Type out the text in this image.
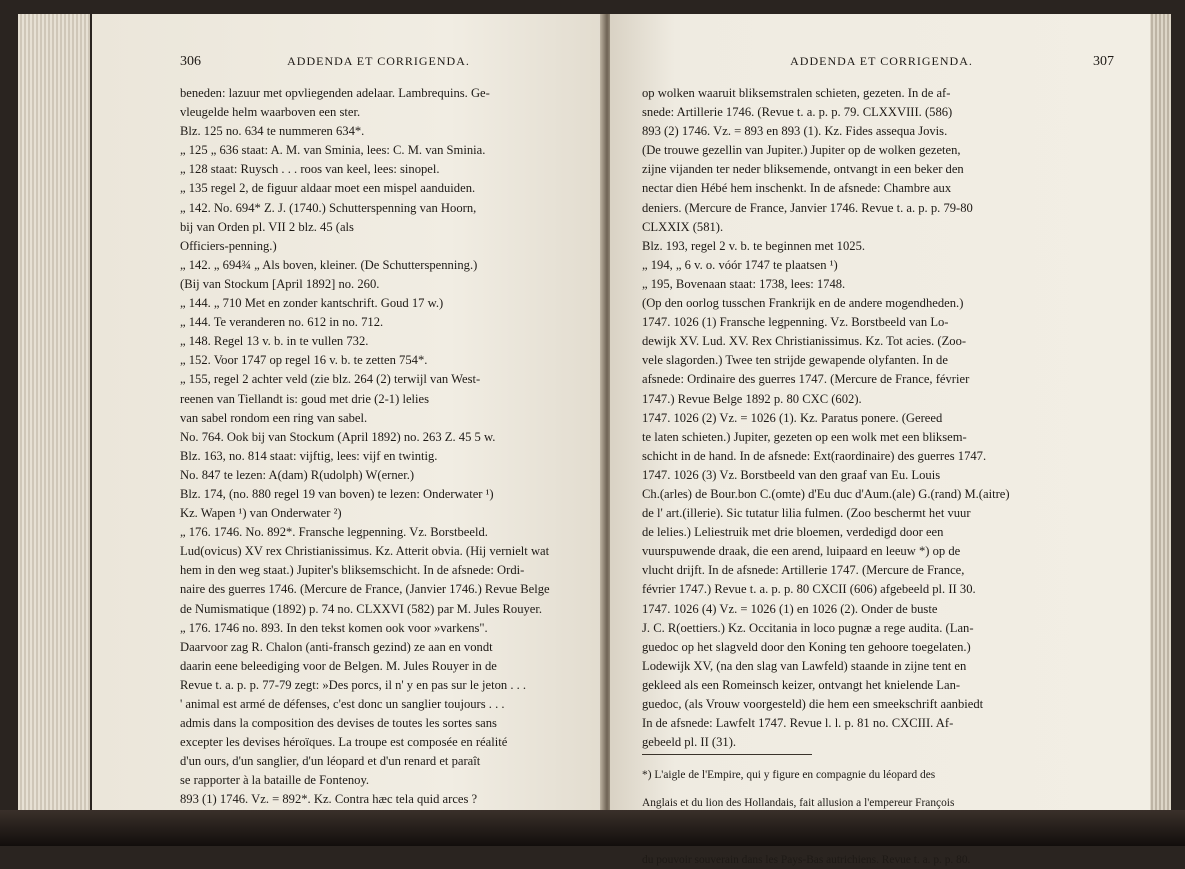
306	ADDENDA ET CORRIGENDA.

beneden: lazuur met opvliegenden adelaar. Lambrequins. Ge-

vleugelde helm waarboven een ster.

Blz. 125 no. 634 te nummeren 634*.

„ 125 „ 636 staat: A. M. van Sminia, lees: C. M. van Sminia.

„ 128 staat: Ruysch . . . roos van keel, lees: sinopel.

„ 135 regel 2, de figuur aldaar moet een mispel aanduiden.

„ 142. No. 694* Z. J. (1740.) Schutterspenning van Hoorn,

bij van Orden pl. VII 2 blz. 45 (als

Officiers-penning.)

„ 142. „ 694¾ „ Als boven, kleiner. (De Schutterspenning.)

(Bij van Stockum [April 1892] no. 260.

„ 144. „ 710 Met en zonder kantschrift. Goud 17 w.)

„ 144. Te veranderen no. 612 in no. 712.

„ 148. Regel 13 v. b. in te vullen 732.

„ 152. Voor 1747 op regel 16 v. b. te zetten 754*.

„ 155, regel 2 achter veld (zie blz. 264 (2) terwijl van West-

reenen van Tiellandt is: goud met drie (2-1) lelies

van sabel rondom een ring van sabel.

No. 764. Ook bij van Stockum (April 1892) no. 263 Z. 45 5 w.

Blz. 163, no. 814 staat: vijftig, lees: vijf en twintig.

No. 847 te lezen: A(dam) R(udolph) W(erner.)

Blz. 174, (no. 880 regel 19 van boven) te lezen: Onderwater ¹)

Kz. Wapen ¹) van Onderwater ²)

„ 176. 1746. No. 892*. Fransche legpenning. Vz. Borstbeeld.

Lud(ovicus) XV rex Christianissimus. Kz. Atterit obvia. (Hij vernielt wat

hem in den weg staat.) Jupiter's bliksemschicht. In de afsnede: Ordi-

naire des guerres 1746. (Mercure de France, (Janvier 1746.) Revue Belge

de Numismatique (1892) p. 74 no. CLXXVI (582) par M. Jules Rouyer.

„ 176. 1746 no. 893. In den tekst komen ook voor »varkens".

Daarvoor zag R. Chalon (anti-fransch gezind) ze aan en vondt

daarin eene beleediging voor de Belgen. M. Jules Rouyer in de

Revue t. a. p. p. 77-79 zegt: »Des porcs, il n' y en pas sur le jeton . . .

' animal est armé de défenses, c'est donc un sanglier toujours . . .

admis dans la composition des devises de toutes les sortes sans

excepter les devises héroïques. La troupe est composée en réalité

d'un ours, d'un sanglier, d'un léopard et d'un renard et paraît

se rapporter à la bataille de Fontenoy.

893 (1) 1746. Vz. = 892*. Kz. Contra hæc tela quid arces ?

ADDENDA ET CORRIGENDA.	307

op wolken waaruit bliksemstralen schieten, gezeten. In de af-

snede: Artillerie 1746. (Revue t. a. p. p. 79. CLXXVIII. (586)

893 (2) 1746. Vz. = 893 en 893 (1). Kz. Fides assequa Jovis.

(De trouwe gezellin van Jupiter.) Jupiter op de wolken gezeten,

zijne vijanden ter neder bliksemende, ontvangt in een beker den

nectar dien Hébé hem inschenkt. In de afsnede: Chambre aux

deniers. (Mercure de France, Janvier 1746. Revue t. a. p. p. 79-80

CLXXIX (581).

Blz. 193, regel 2 v. b. te beginnen met 1025.

„ 194, „ 6 v. o. vóór 1747 te plaatsen ¹)

„ 195, Bovenaan staat: 1738, lees: 1748.

(Op den oorlog tusschen Frankrijk en de andere mogendheden.)

1747. 1026 (1) Fransche legpenning. Vz. Borstbeeld van Lo-

dewijk XV. Lud. XV. Rex Christianissimus. Kz. Tot acies. (Zoo-

vele slagorden.) Twee ten strijde gewapende olyfanten. In de

afsnede: Ordinaire des guerres 1747. (Mercure de France, février

1747.) Revue Belge 1892 p. 80 CXC (602).

1747. 1026 (2) Vz. = 1026 (1). Kz. Paratus ponere. (Gereed

te laten schieten.) Jupiter, gezeten op een wolk met een bliksem-

schicht in de hand. In de afsnede: Ext(raordinaire) des guerres 1747.

1747. 1026 (3) Vz. Borstbeeld van den graaf van Eu. Louis

Ch.(arles) de Bour.bon C.(omte) d'Eu duc d'Aum.(ale) G.(rand) M.(aitre)

de l' art.(illerie). Sic tutatur lilia fulmen. (Zoo beschermt het vuur

de lelies.) Leliestruik met drie bloemen, verdedigd door een

vuurspuwende draak, die een arend, luipaard en leeuw *) op de

vlucht drijft. In de afsnede: Artillerie 1747. (Mercure de France,

février 1747.) Revue t. a. p. p. 80 CXCII (606) afgebeeld pl. II 30.

1747. 1026 (4) Vz. = 1026 (1) en 1026 (2). Onder de buste

J. C. R(oettiers.) Kz. Occitania in loco pugnæ a rege audita. (Lan-

guedoc op het slagveld door den Koning ten gehoore toegelaten.)

Lodewijk XV, (na den slag van Lawfeld) staande in zijne tent en

gekleed als een Romeinsch keizer, ontvangt het knielende Lan-

guedoc, (als Vrouw voorgesteld) die hem een smeekschrift aanbiedt

In de afsnede: Lawfelt 1747. Revue l. l. p. 81 no. CXCIII. Af-

gebeeld pl. II (31).

*) L'aigle de l'Empire, qui y figure en compagnie du léopard des

Anglais et du lion des Hollandais, fait allusion a l'empereur François

du pouvoir souverain dans les Pays-Bas autrichiens. Revue t. a. p. p. 80.
